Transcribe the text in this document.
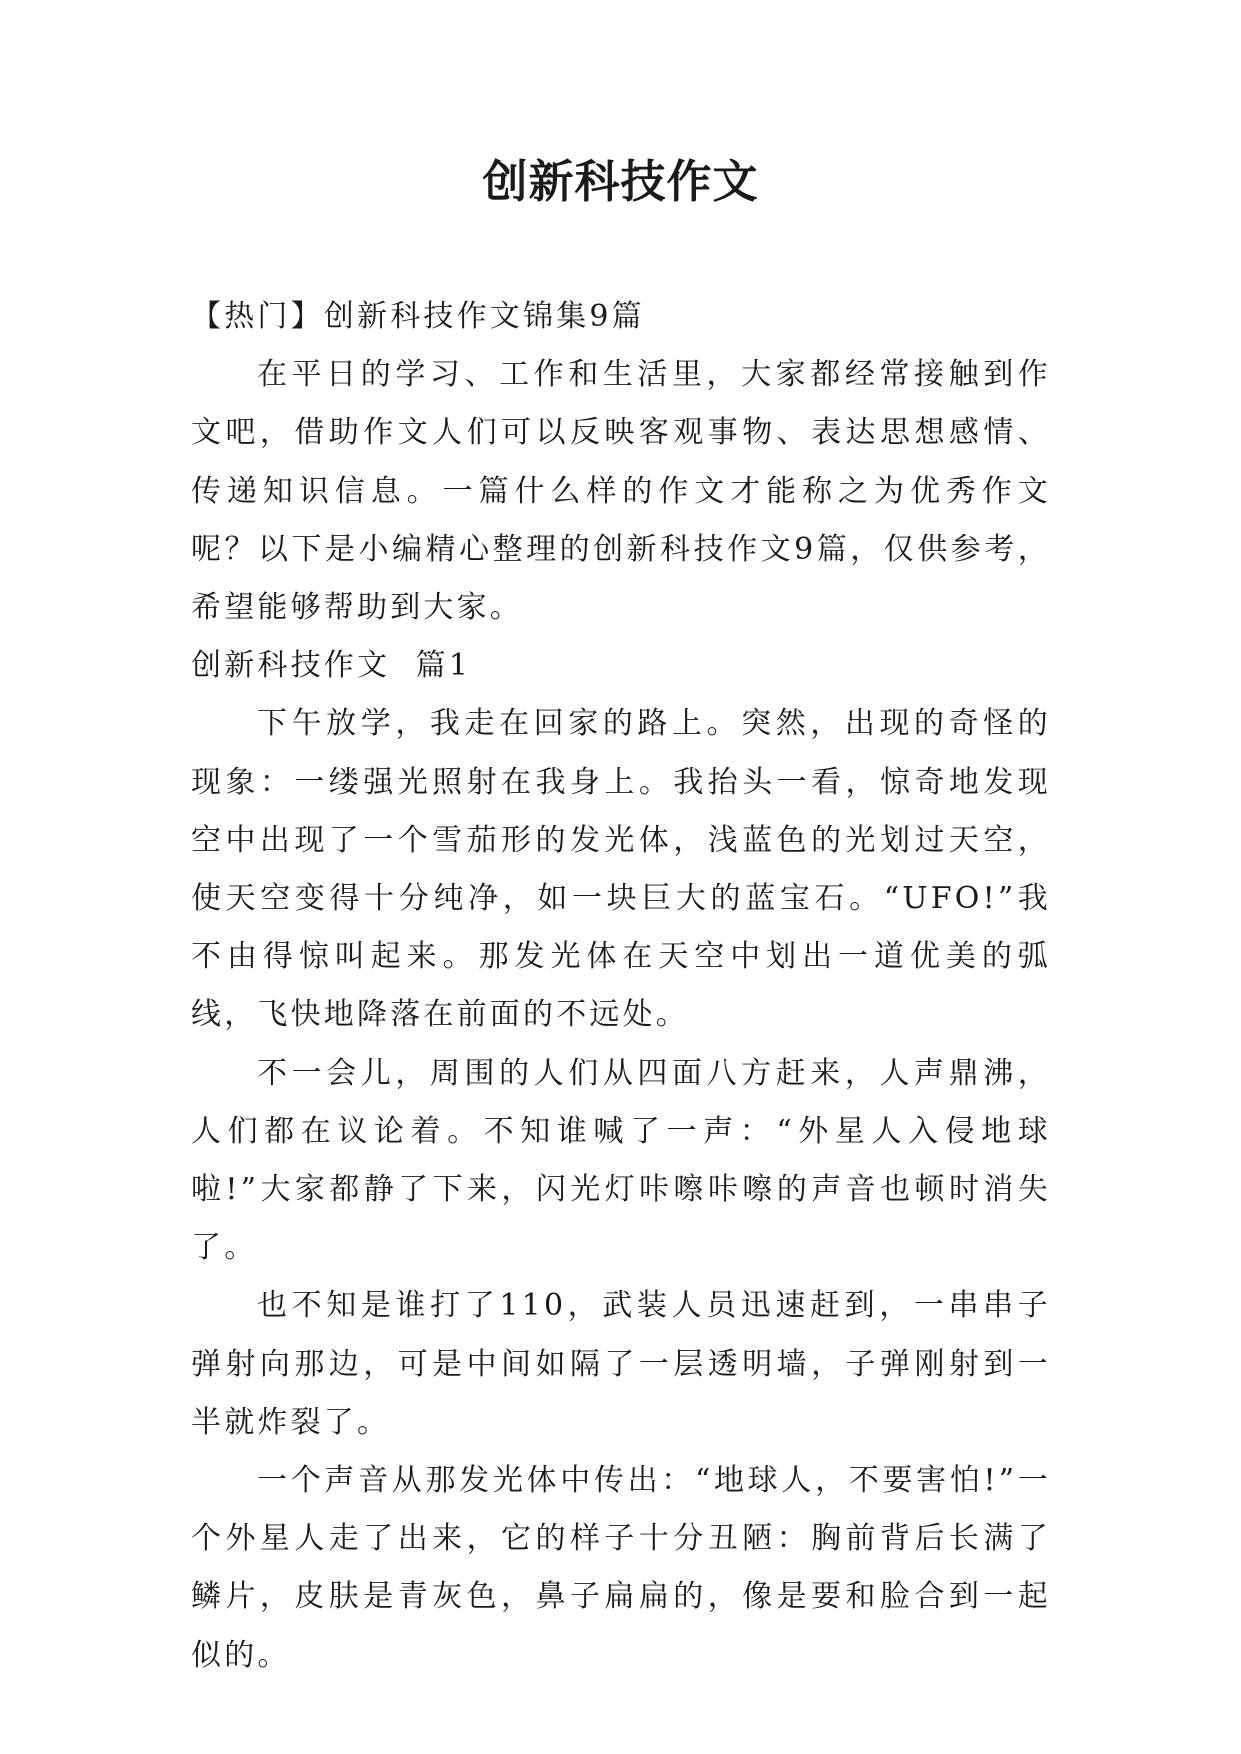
创新科技作文

【热门】创新科技作文锦集9篇

在平日的学习、工作和生活里，大家都经常接触到作文吧，借助作文人们可以反映客观事物、表达思想感情、传递知识信息。一篇什么样的作文才能称之为优秀作文呢？以下是小编精心整理的创新科技作文9篇，仅供参考，希望能够帮助到大家。

创新科技作文  篇1

下午放学，我走在回家的路上。突然，出现的奇怪的现象：一缕强光照射在我身上。我抬头一看，惊奇地发现空中出现了一个雪茄形的发光体，浅蓝色的光划过天空，使天空变得十分纯净，如一块巨大的蓝宝石。“UFO!”我不由得惊叫起来。那发光体在天空中划出一道优美的弧线，飞快地降落在前面的不远处。

不一会儿，周围的人们从四面八方赶来，人声鼎沸，人们都在议论着。不知谁喊了一声：“外星人入侵地球啦!”大家都静了下来，闪光灯咔嚓咔嚓的声音也顿时消失了。

也不知是谁打了110，武装人员迅速赶到，一串串子弹射向那边，可是中间如隔了一层透明墙，子弹刚射到一半就炸裂了。

一个声音从那发光体中传出：“地球人，不要害怕!”一个外星人走了出来，它的样子十分丑陋：胸前背后长满了鳞片，皮肤是青灰色，鼻子扁扁的，像是要和脸合到一起似的。
